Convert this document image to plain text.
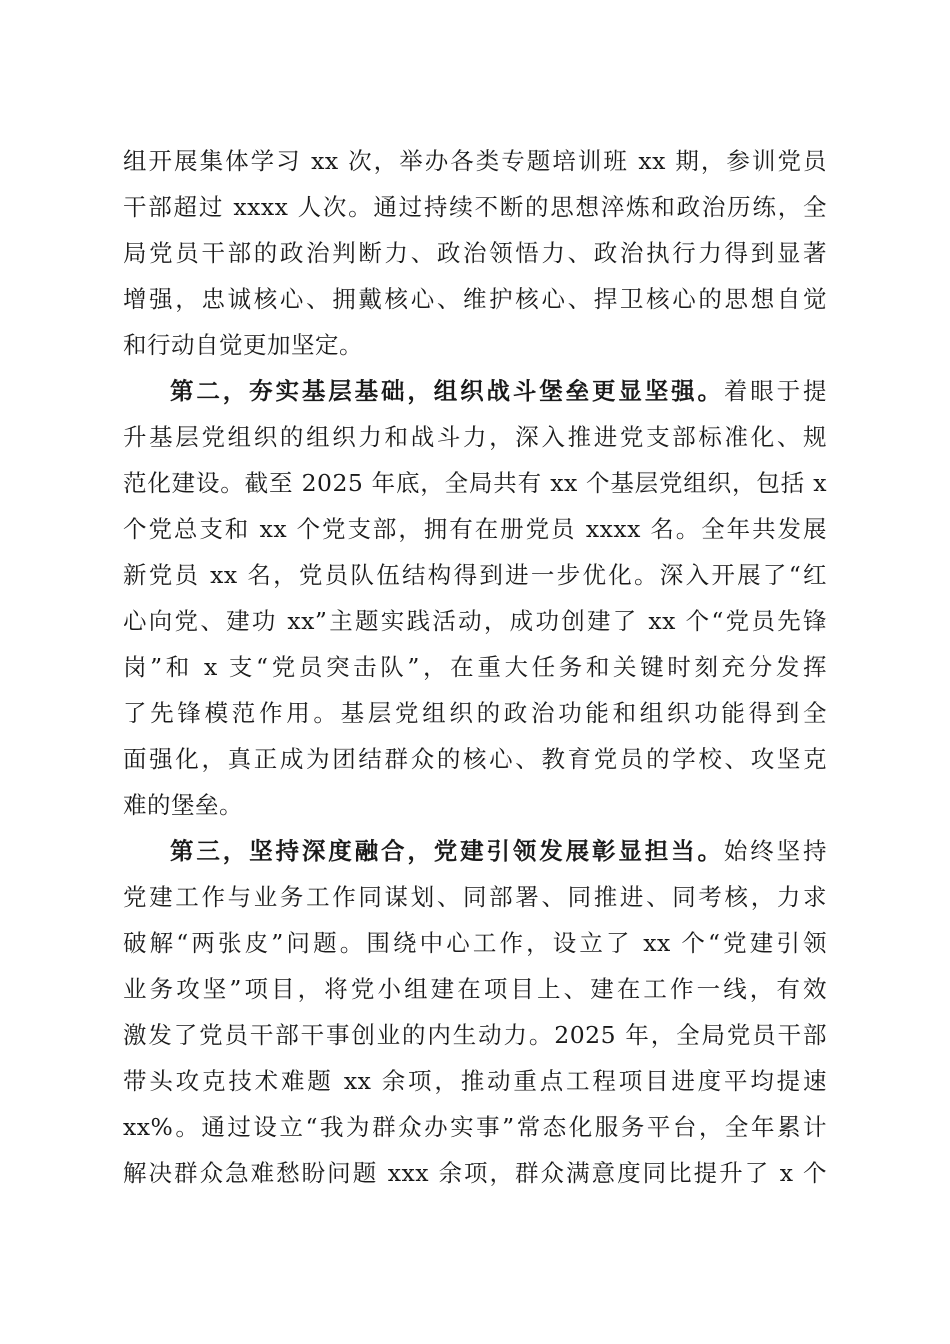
组开展集体学习 xx 次，举办各类专题培训班 xx 期，参训党员
干部超过 xxxx 人次。通过持续不断的思想淬炼和政治历练，全
局党员干部的政治判断力、政治领悟力、政治执行力得到显著
增强，忠诚核心、拥戴核心、维护核心、捍卫核心的思想自觉
和行动自觉更加坚定。
第二，夯实基层基础，组织战斗堡垒更显坚强。着眼于提
升基层党组织的组织力和战斗力，深入推进党支部标准化、规
范化建设。截至 2025 年底，全局共有 xx 个基层党组织，包括 x
个党总支和 xx 个党支部，拥有在册党员 xxxx 名。全年共发展
新党员 xx 名，党员队伍结构得到进一步优化。深入开展了“红
心向党、建功 xx”主题实践活动，成功创建了 xx 个“党员先锋
岗”和 x 支“党员突击队”，在重大任务和关键时刻充分发挥
了先锋模范作用。基层党组织的政治功能和组织功能得到全
面强化，真正成为团结群众的核心、教育党员的学校、攻坚克
难的堡垒。
第三，坚持深度融合，党建引领发展彰显担当。始终坚持
党建工作与业务工作同谋划、同部署、同推进、同考核，力求
破解“两张皮”问题。围绕中心工作，设立了 xx 个“党建引领
业务攻坚”项目，将党小组建在项目上、建在工作一线，有效
激发了党员干部干事创业的内生动力。2025 年，全局党员干部
带头攻克技术难题 xx 余项，推动重点工程项目进度平均提速
xx%。通过设立“我为群众办实事”常态化服务平台，全年累计
解决群众急难愁盼问题 xxx 余项，群众满意度同比提升了 x 个
